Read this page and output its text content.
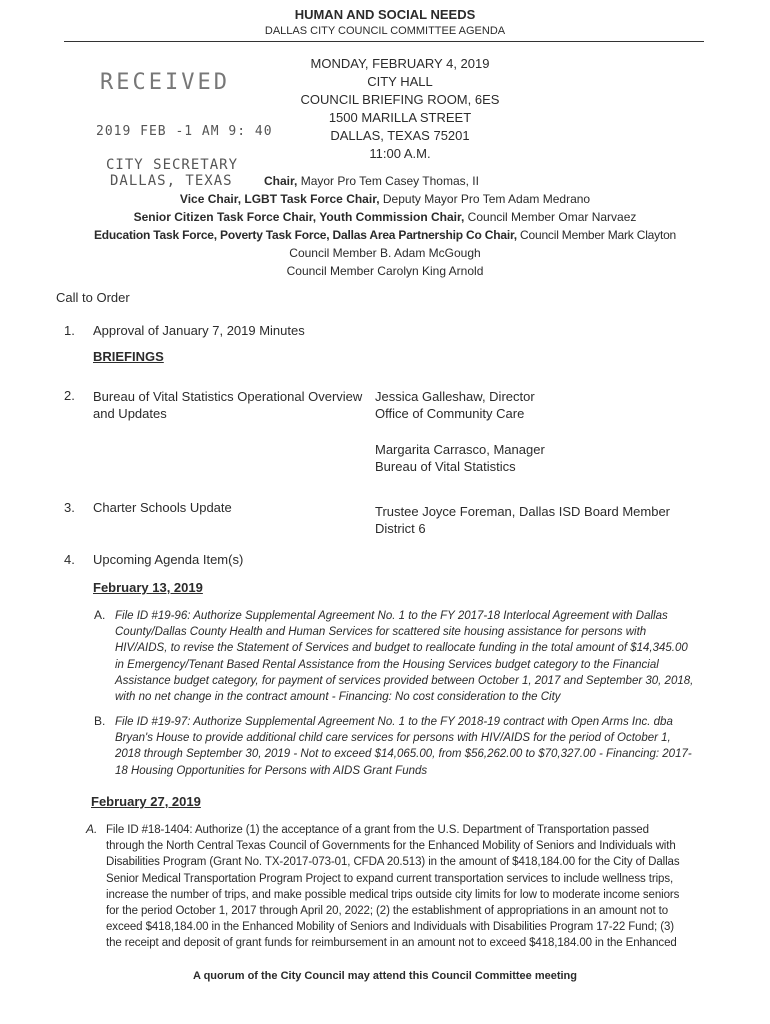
HUMAN AND SOCIAL NEEDS
DALLAS CITY COUNCIL COMMITTEE AGENDA
MONDAY, FEBRUARY 4, 2019
CITY HALL
COUNCIL BRIEFING ROOM, 6ES
1500 MARILLA STREET
DALLAS, TEXAS 75201
11:00 A.M.
RECEIVED
2019 FEB -1 AM 9: 40
CITY SECRETARY
DALLAS, TEXAS	Chair, Mayor Pro Tem Casey Thomas, II
Vice Chair, LGBT Task Force Chair, Deputy Mayor Pro Tem Adam Medrano
Senior Citizen Task Force Chair, Youth Commission Chair, Council Member Omar Narvaez
Education Task Force, Poverty Task Force, Dallas Area Partnership Co Chair, Council Member Mark Clayton
Council Member B. Adam McGough
Council Member Carolyn King Arnold
Call to Order
1. Approval of January 7, 2019 Minutes
BRIEFINGS
2. Bureau of Vital Statistics Operational Overview
and Updates
Jessica Galleshaw, Director
Office of Community Care
Margarita Carrasco, Manager
Bureau of Vital Statistics
3. Charter Schools Update	Trustee Joyce Foreman, Dallas ISD Board Member
District 6
4. Upcoming Agenda Item(s)
February 13, 2019
A. File ID #19-96: Authorize Supplemental Agreement No. 1 to the FY 2017-18 Interlocal Agreement with Dallas
County/Dallas County Health and Human Services for scattered site housing assistance for persons with
HIV/AIDS, to revise the Statement of Services and budget to reallocate funding in the total amount of $14,345.00
in Emergency/Tenant Based Rental Assistance from the Housing Services budget category to the Financial
Assistance budget category, for payment of services provided between October 1, 2017 and September 30, 2018,
with no net change in the contract amount - Financing: No cost consideration to the City
B. File ID #19-97: Authorize Supplemental Agreement No. 1 to the FY 2018-19 contract with Open Arms Inc. dba
Bryan's House to provide additional child care services for persons with HIV/AIDS for the period of October 1,
2018 through September 30, 2019 - Not to exceed $14,065.00, from $56,262.00 to $70,327.00 - Financing: 2017-
18 Housing Opportunities for Persons with AIDS Grant Funds
February 27, 2019
A. File ID #18-1404: Authorize (1) the acceptance of a grant from the U.S. Department of Transportation passed
through the North Central Texas Council of Governments for the Enhanced Mobility of Seniors and Individuals with
Disabilities Program (Grant No. TX-2017-073-01, CFDA 20.513) in the amount of $418,184.00 for the City of Dallas
Senior Medical Transportation Program Project to expand current transportation services to include wellness trips,
increase the number of trips, and make possible medical trips outside city limits for low to moderate income seniors
for the period October 1, 2017 through April 20, 2022; (2) the establishment of appropriations in an amount not to
exceed $418,184.00 in the Enhanced Mobility of Seniors and Individuals with Disabilities Program 17-22 Fund; (3)
the receipt and deposit of grant funds for reimbursement in an amount not to exceed $418,184.00 in the Enhanced
A quorum of the City Council may attend this Council Committee meeting
